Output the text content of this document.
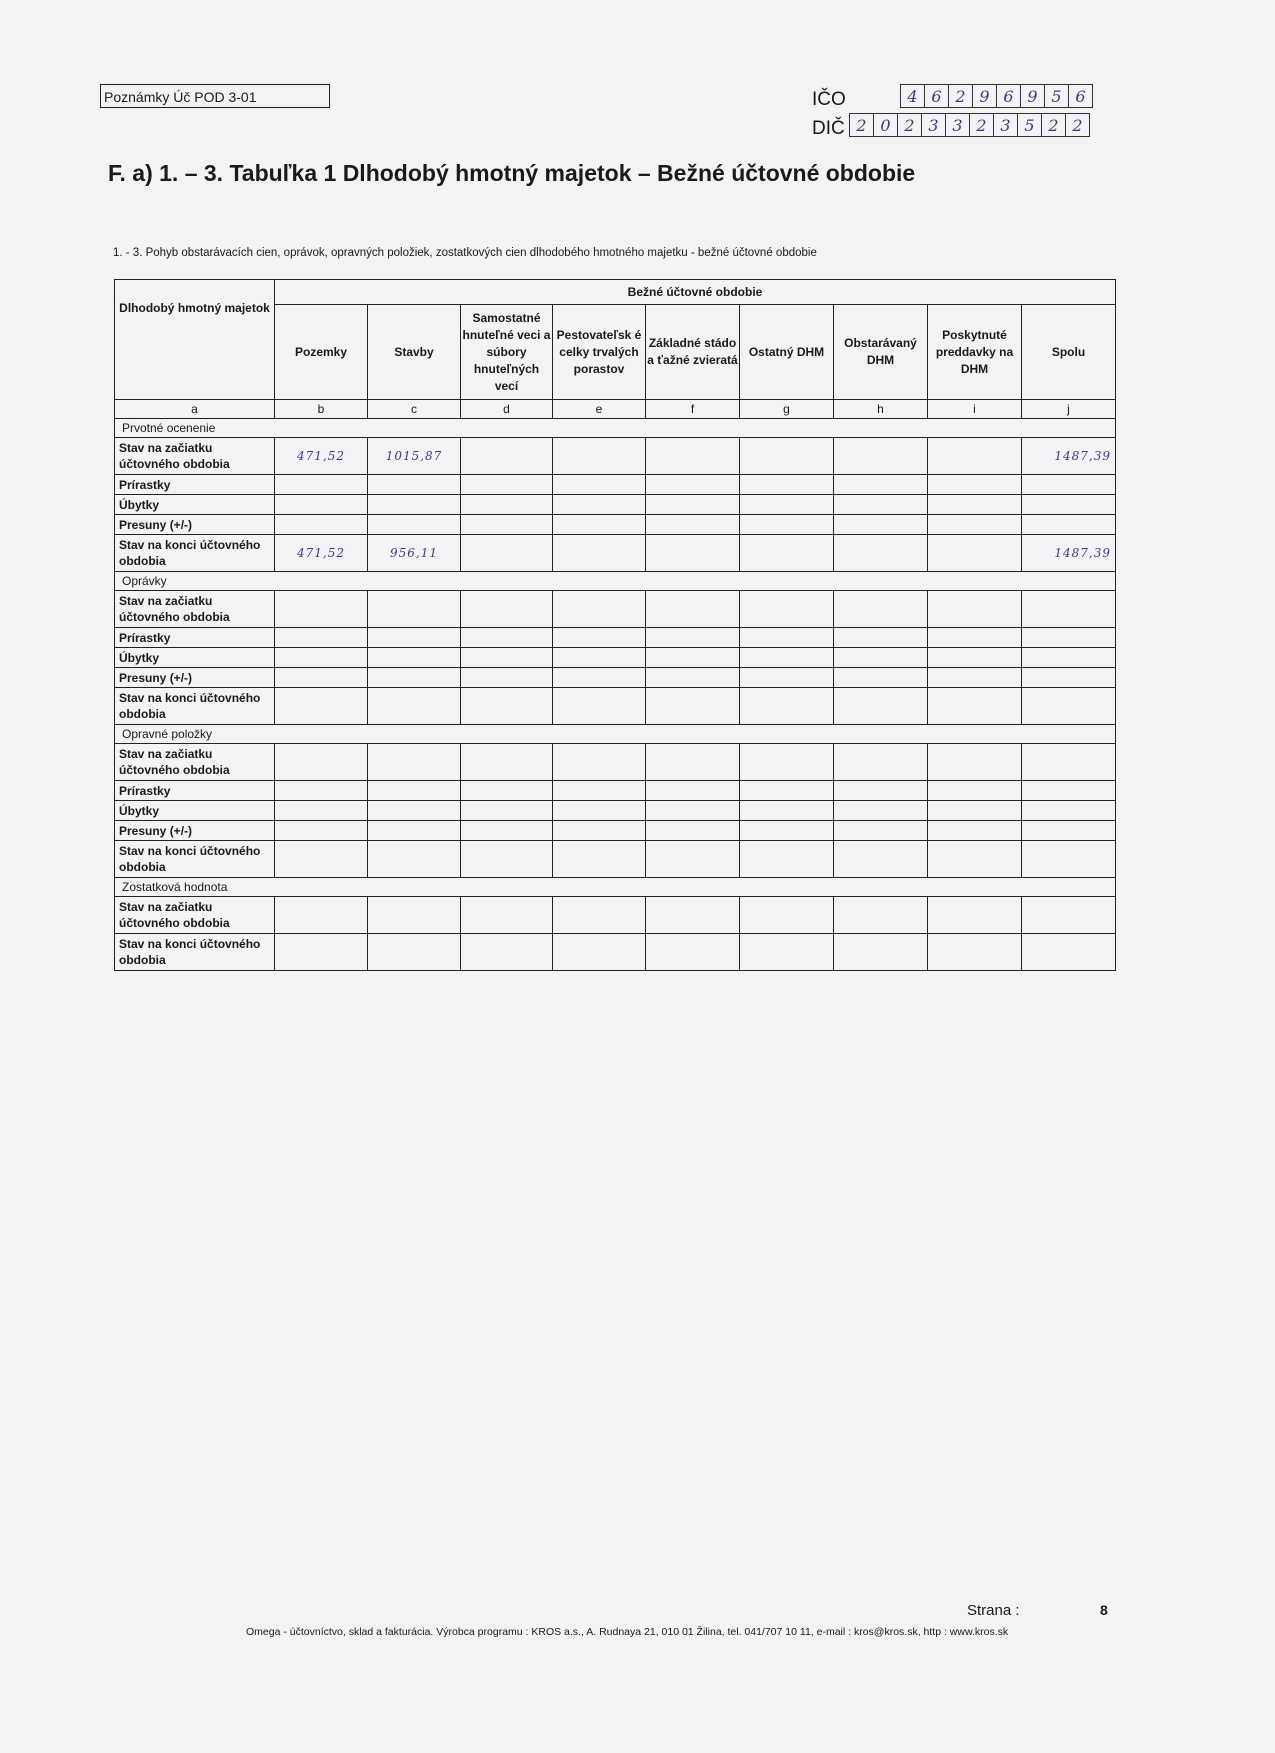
Poznámky Úč POD 3-01	IČO	4 6 2 9 6 9 5 6
DIČ 2 0 2 3 3 2 3 5 2 2
F. a) 1. – 3. Tabuľka 1 Dlhodobý hmotný majetok – Bežné účtovné obdobie
1. - 3. Pohyb obstarávacích cien, oprávok, opravných položiek, zostatkových cien dlhodobého hmotného majetku - bežné účtovné obdobie
Dlhodobý hmotný majetok	Bežné účtovné obdobie								
	Pozemky	Stavby	Samostatné hnuteľné veci a súbory hnuteľných vecí	Pestovateľsk é celky trvalých porastov	Základné stádo a ťažné zvieratá	Ostatný DHM	Obstarávaný DHM	Poskytnuté preddavky na DHM	Spolu
a	b	c	d	e	f	g	h	i	j
Prvotné ocenenie									
Stav na začiatku účtovného obdobia	471,52	1015,87							1487,39
Prírastky									
Úbytky									
Presuny (+/-)									
Stav na konci účtovného obdobia	471,52	956,11							1487,39
Oprávky									
Stav na začiatku účtovného obdobia									
Prírastky									
Úbytky									
Presuny (+/-)									
Stav na konci účtovného obdobia									
Opravné položky									
Stav na začiatku účtovného obdobia									
Prírastky									
Úbytky									
Presuny (+/-)									
Stav na konci účtovného obdobia									
Zostatková hodnota									
Stav na začiatku účtovného obdobia									
Stav na konci účtovného obdobia									
Strana :	8
Omega - účtovníctvo, sklad a fakturácia. Výrobca programu : KROS a.s., A. Rudnaya 21, 010 01 Žilina, tel. 041/707 10 11, e-mail : kros@kros.sk, http : www.kros.sk
